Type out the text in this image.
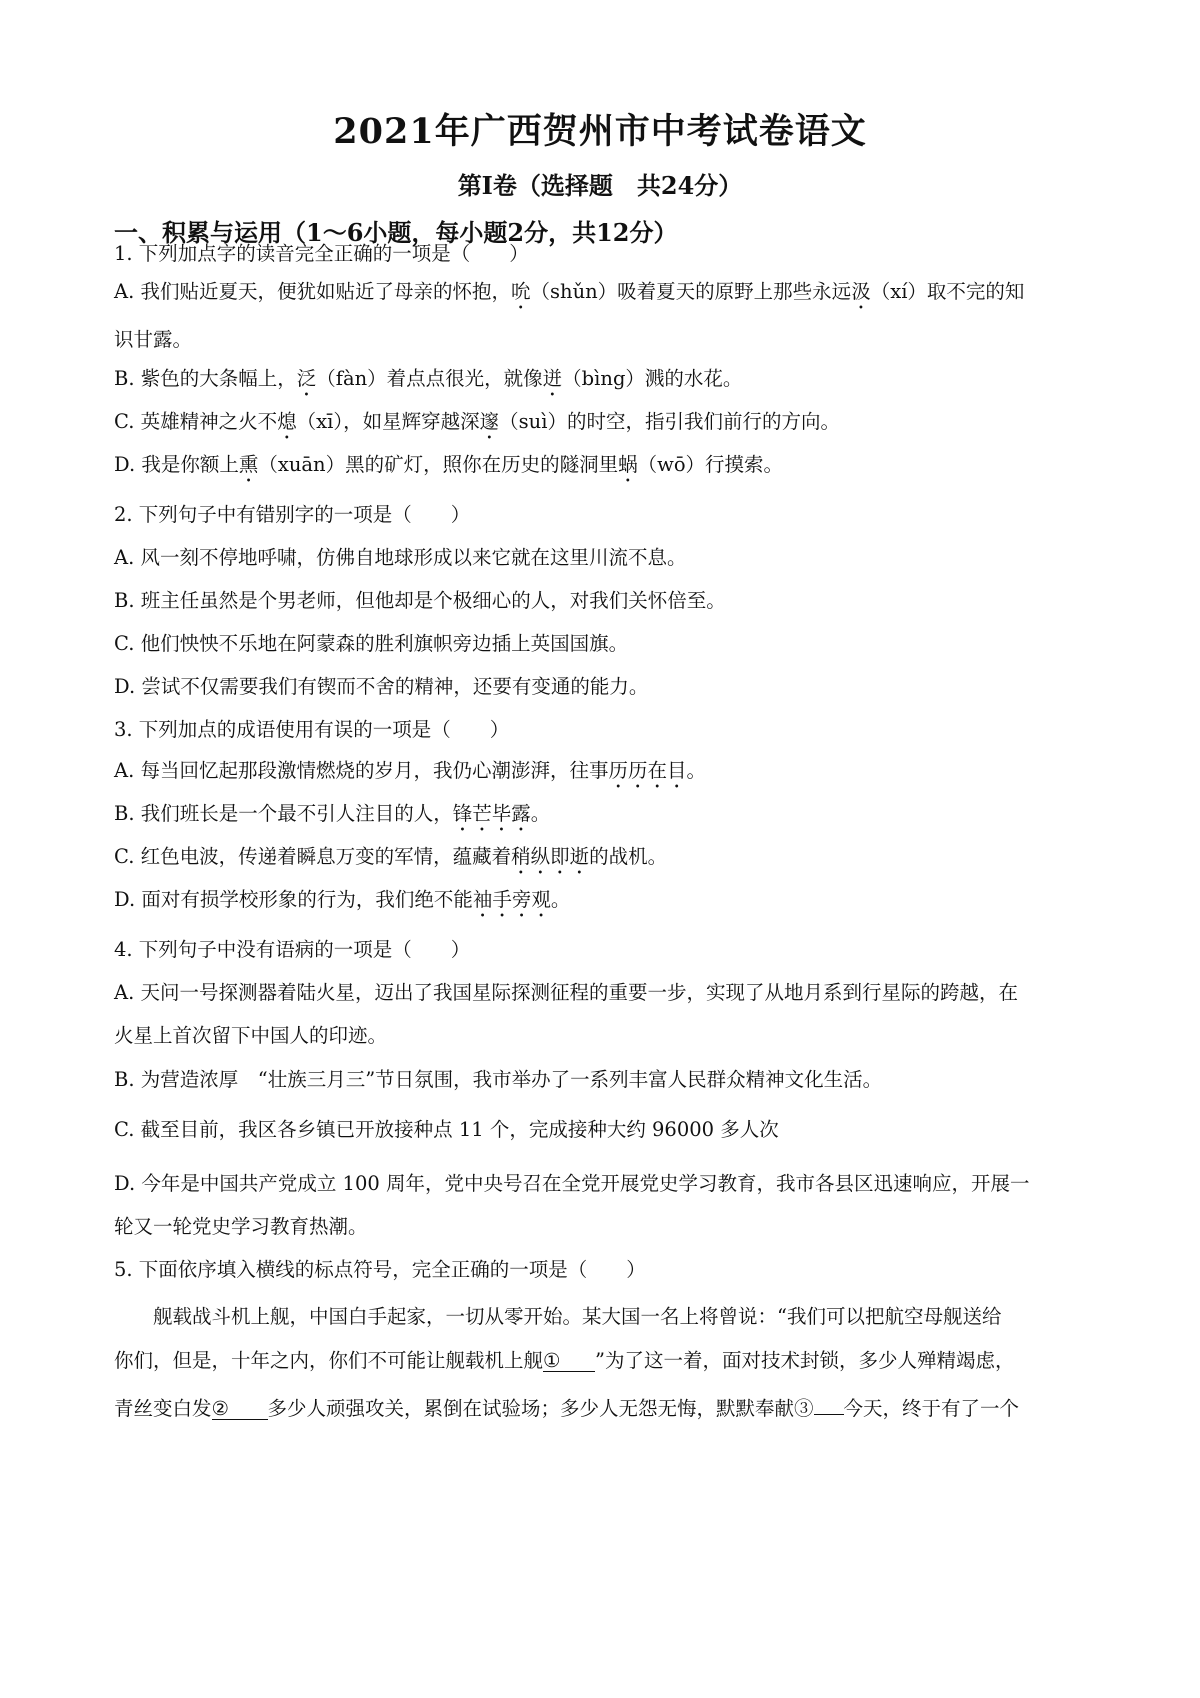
2021年广西贺州市中考试卷语文
第Ⅰ卷（选择题　共24分）
一、积累与运用（1～6小题，每小题2分，共12分）
1. 下列加点字的读音完全正确的一项是（　　）
A. 我们贴近夏天，便犹如贴近了母亲的怀抱，吮（shǔn）吸着夏天的原野上那些永远汲（xí）取不完的知
识甘露。
B. 紫色的大条幅上，泛（fàn）着点点很光，就像迸（bìng）溅的水花。
C. 英雄精神之火不熄（xī），如星辉穿越深邃（suì）的时空，指引我们前行的方向。
D. 我是你额上熏（xuān）黑的矿灯，照你在历史的隧洞里蜗（wō）行摸索。
2. 下列句子中有错别字的一项是（　　）
A. 风一刻不停地呼啸，仿佛自地球形成以来它就在这里川流不息。
B. 班主任虽然是个男老师，但他却是个极细心的人，对我们关怀倍至。
C. 他们怏怏不乐地在阿蒙森的胜利旗帜旁边插上英国国旗。
D. 尝试不仅需要我们有锲而不舍的精神，还要有变通的能力。
3. 下列加点的成语使用有误的一项是（　　）
A. 每当回忆起那段激情燃烧的岁月，我仍心潮澎湃，往事历历在目。
B. 我们班长是一个最不引人注目的人，锋芒毕露。
C. 红色电波，传递着瞬息万变的军情，蕴藏着稍纵即逝的战机。
D. 面对有损学校形象的行为，我们绝不能袖手旁观。
4. 下列句子中没有语病的一项是（　　）
A. 天问一号探测器着陆火星，迈出了我国星际探测征程的重要一步，实现了从地月系到行星际的跨越，在
火星上首次留下中国人的印迹。
B. 为营造浓厚　“壮族三月三”节日氛围，我市举办了一系列丰富人民群众精神文化生活。
C. 截至目前，我区各乡镇已开放接种点 11 个，完成接种大约 96000 多人次
D. 今年是中国共产党成立 100 周年，党中央号召在全党开展党史学习教育，我市各县区迅速响应，开展一
轮又一轮党史学习教育热潮。
5. 下面依序填入横线的标点符号，完全正确的一项是（　　）
舰载战斗机上舰，中国白手起家，一切从零开始。某大国一名上将曾说：“我们可以把航空母舰送给
你们，但是，十年之内，你们不可能让舰载机上舰① ”为了这一着，面对技术封锁，多少人殚精竭虑，
青丝变白发② 多少人顽强攻关，累倒在试验场；多少人无怨无悔，默默奉献③ 今天，终于有了一个
